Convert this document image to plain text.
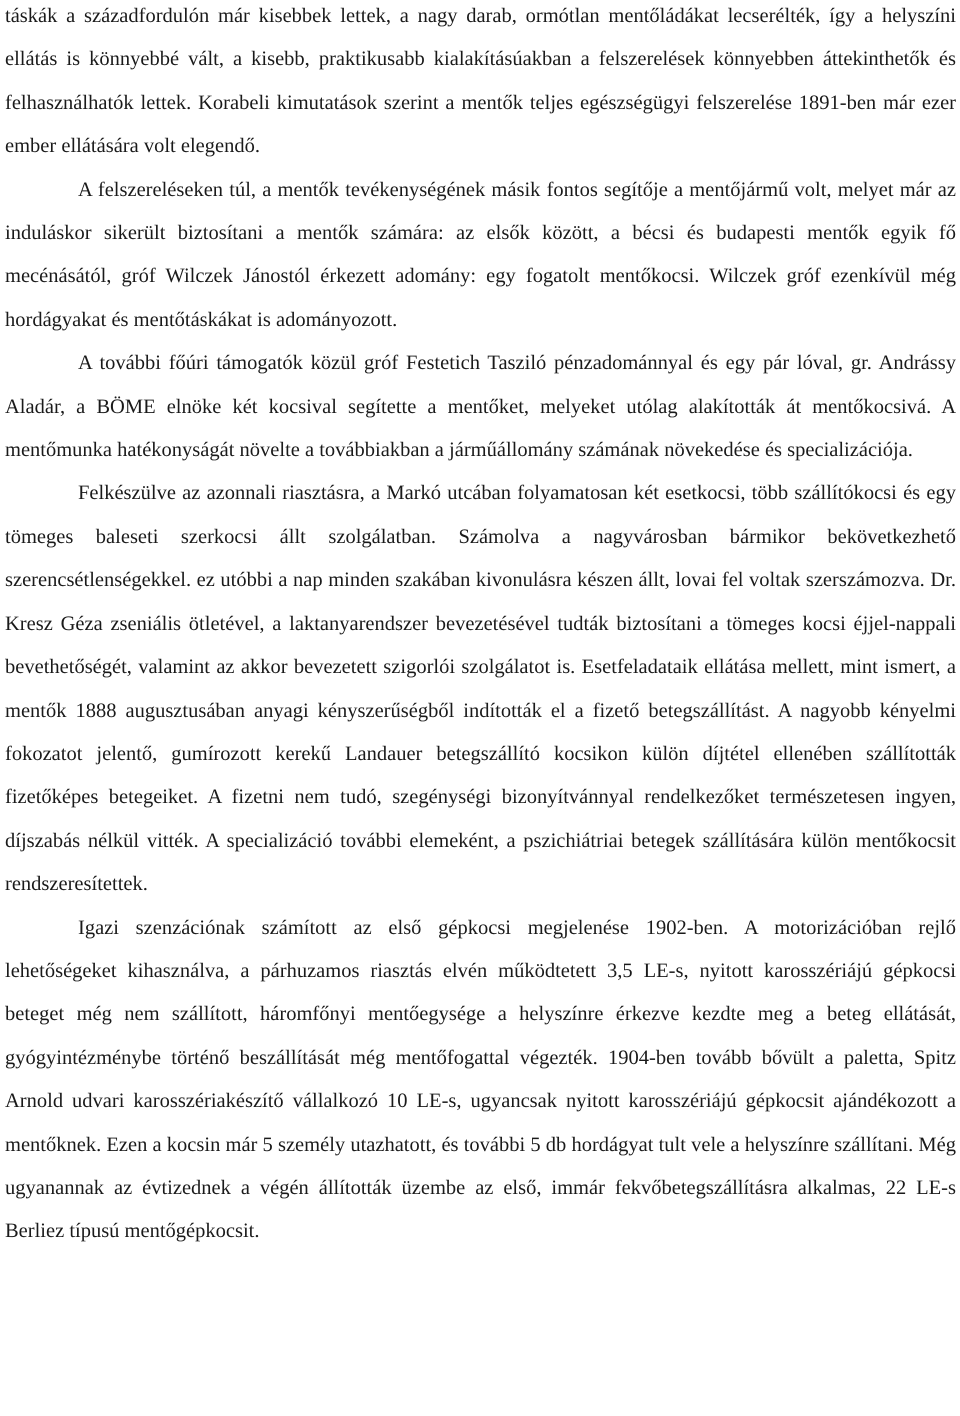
táskák a századfordulón már kisebbek lettek, a nagy darab, ormótlan mentőládákat lecserélték, így a helyszíni ellátás is könnyebbé vált, a kisebb, praktikusabb kialakításúakban a felszerelések könnyebben áttekinthetők és felhasználhatók lettek. Korabeli kimutatások szerint a mentők teljes egészségügyi felszerelése 1891-ben már ezer ember ellátására volt elegendő.

A felszereléseken túl, a mentők tevékenységének másik fontos segítője a mentőjármű volt, melyet már az induláskor sikerült biztosítani a mentők számára: az elsők között, a bécsi és budapesti mentők egyik fő mecénásától, gróf Wilczek Jánostól érkezett adomány: egy fogatolt mentőkocsi. Wilczek gróf ezenkívül még hordágyakat és mentőtáskákat is adományozott.

A további főúri támogatók közül gróf Festetich Tasziló pénzadománnyal és egy pár lóval, gr. Andrássy Aladár, a BÖME elnöke két kocsival segítette a mentőket, melyeket utólag alakították át mentőkocsivá. A mentőmunka hatékonyságát növelte a továbbiakban a járműállomány számának növekedése és specializációja.

Felkészülve az azonnali riasztásra, a Markó utcában folyamatosan két esetkocsi, több szállítókocsi és egy tömeges baleseti szerkocsi állt szolgálatban. Számolva a nagyvárosban bármikor bekövetkezhető szerencsétlenségekkel. ez utóbbi a nap minden szakában kivonulásra készen állt, lovai fel voltak szerszámozva. Dr. Kresz Géza zseniális ötletével, a laktanyarendszer bevezetésével tudták biztosítani a tömeges kocsi éjjel-nappali bevethetőségét, valamint az akkor bevezetett szigorlói szolgálatot is. Esetfeladataik ellátása mellett, mint ismert, a mentők 1888 augusztusában anyagi kényszerűségből indították el a fizető betegszállítást. A nagyobb kényelmi fokozatot jelentő, gumírozott kerekű Landauer betegszállító kocsikon külön díjtétel ellenében szállították fizetőképes betegeiket. A fizetni nem tudó, szegénységi bizonyítvánnyal rendelkezőket természetesen ingyen, díjszabás nélkül vitték. A specializáció további elemeként, a pszichiátriai betegek szállítására külön mentőkocsit rendszeresítettek.

Igazi szenzációnak számított az első gépkocsi megjelenése 1902-ben. A motorizációban rejlő lehetőségeket kihasználva, a párhuzamos riasztás elvén működtetett 3,5 LE-s, nyitott karosszériájú gépkocsi beteget még nem szállított, háromfőnyi mentőegysége a helyszínre érkezve kezdte meg a beteg ellátását, gyógyintézménybe történő beszállítását még mentőfogattal végezték. 1904-ben tovább bővült a paletta, Spitz Arnold udvari karosszériakészítő vállalkozó 10 LE-s, ugyancsak nyitott karosszériájú gépkocsit ajándékozott a mentőknek. Ezen a kocsin már 5 személy utazhatott, és további 5 db hordágyat tult vele a helyszínre szállítani. Még ugyanannak az évtizednek a végén állították üzembe az első, immár fekvőbetegszállításra alkalmas, 22 LE-s Berliez típusú mentőgépkocsit.
